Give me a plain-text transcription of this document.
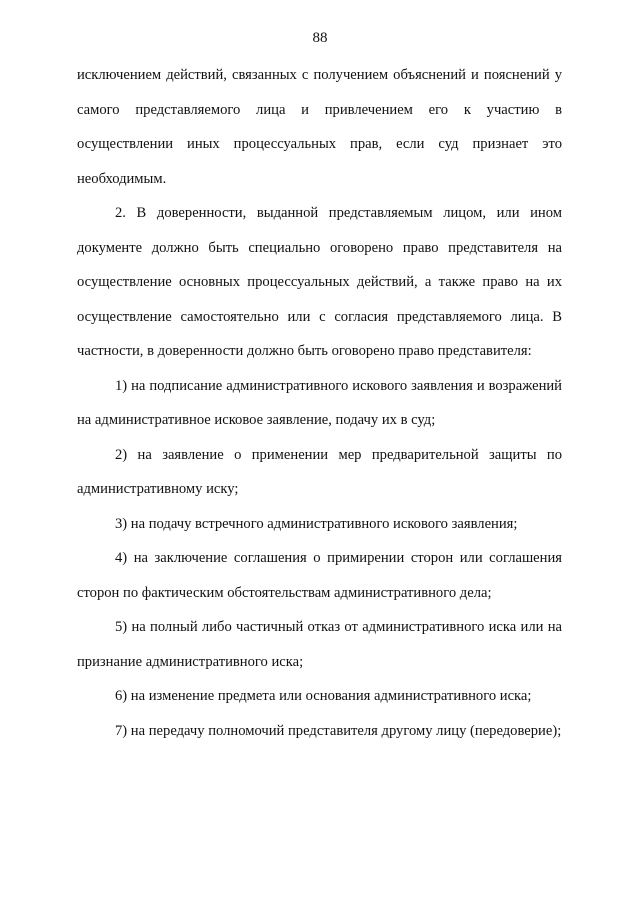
88

исключением действий, связанных с получением объяснений и пояснений у самого представляемого лица и привлечением его к участию в осуществлении иных процессуальных прав, если суд признает это необходимым.

2. В доверенности, выданной представляемым лицом, или ином документе должно быть специально оговорено право представителя на осуществление основных процессуальных действий, а также право на их осуществление самостоятельно или с согласия представляемого лица. В частности, в доверенности должно быть оговорено право представителя:

1) на подписание административного искового заявления и возражений на административное исковое заявление, подачу их в суд;

2) на заявление о применении мер предварительной защиты по административному иску;

3) на подачу встречного административного искового заявления;

4) на заключение соглашения о примирении сторон или соглашения сторон по фактическим обстоятельствам административного дела;

5) на полный либо частичный отказ от административного иска или на признание административного иска;

6) на изменение предмета или основания административного иска;

7) на передачу полномочий представителя другому лицу (передоверие);
